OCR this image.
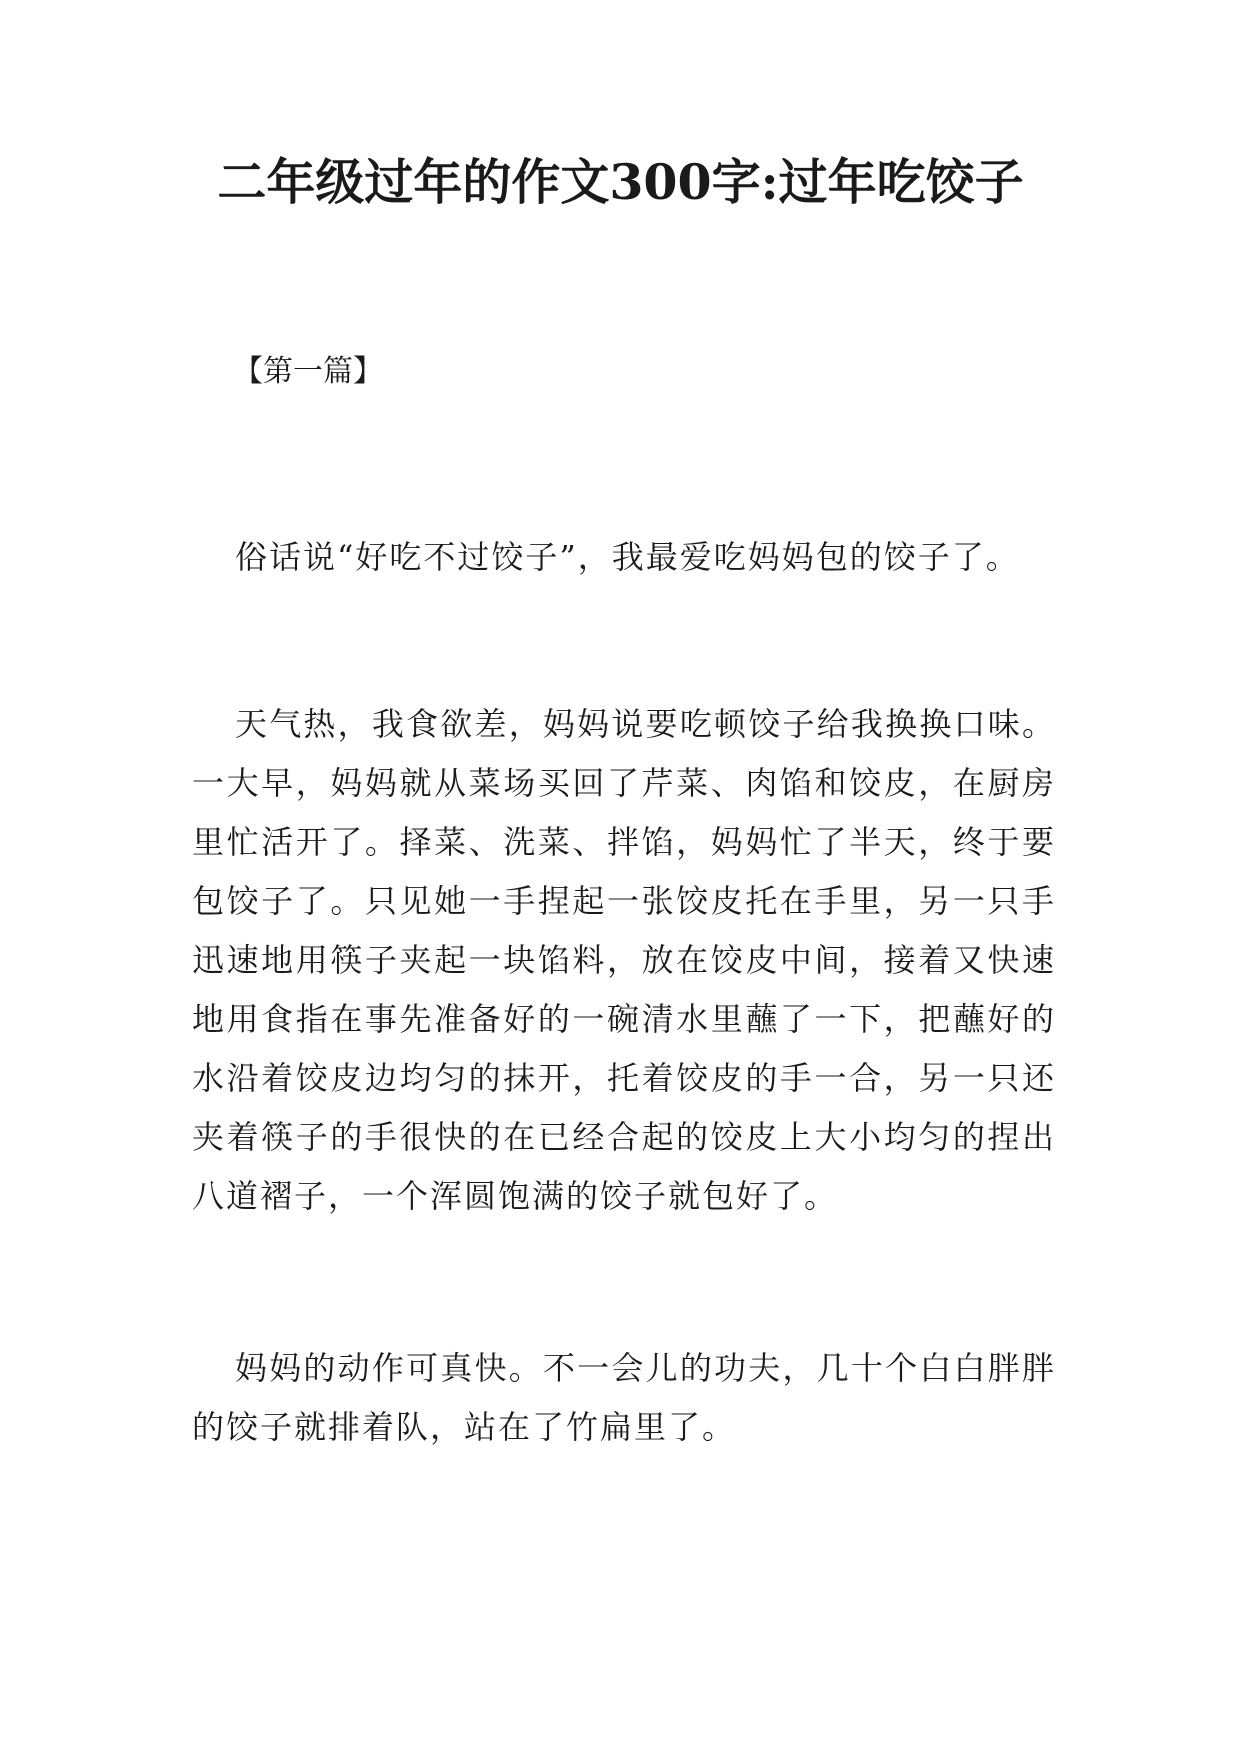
二年级过年的作文300字:过年吃饺子
【第一篇】

俗话说“好吃不过饺子”，我最爱吃妈妈包的饺子了。

天气热，我食欲差，妈妈说要吃顿饺子给我换换口味。一大早，妈妈就从菜场买回了芹菜、肉馅和饺皮，在厨房里忙活开了。择菜、洗菜、拌馅，妈妈忙了半天，终于要包饺子了。只见她一手捏起一张饺皮托在手里，另一只手迅速地用筷子夹起一块馅料，放在饺皮中间，接着又快速地用食指在事先准备好的一碗清水里蘸了一下，把蘸好的水沿着饺皮边均匀的抹开，托着饺皮的手一合，另一只还夹着筷子的手很快的在已经合起的饺皮上大小均匀的捏出八道褶子，一个浑圆饱满的饺子就包好了。

妈妈的动作可真快。不一会儿的功夫，几十个白白胖胖的饺子就排着队，站在了竹扁里了。
